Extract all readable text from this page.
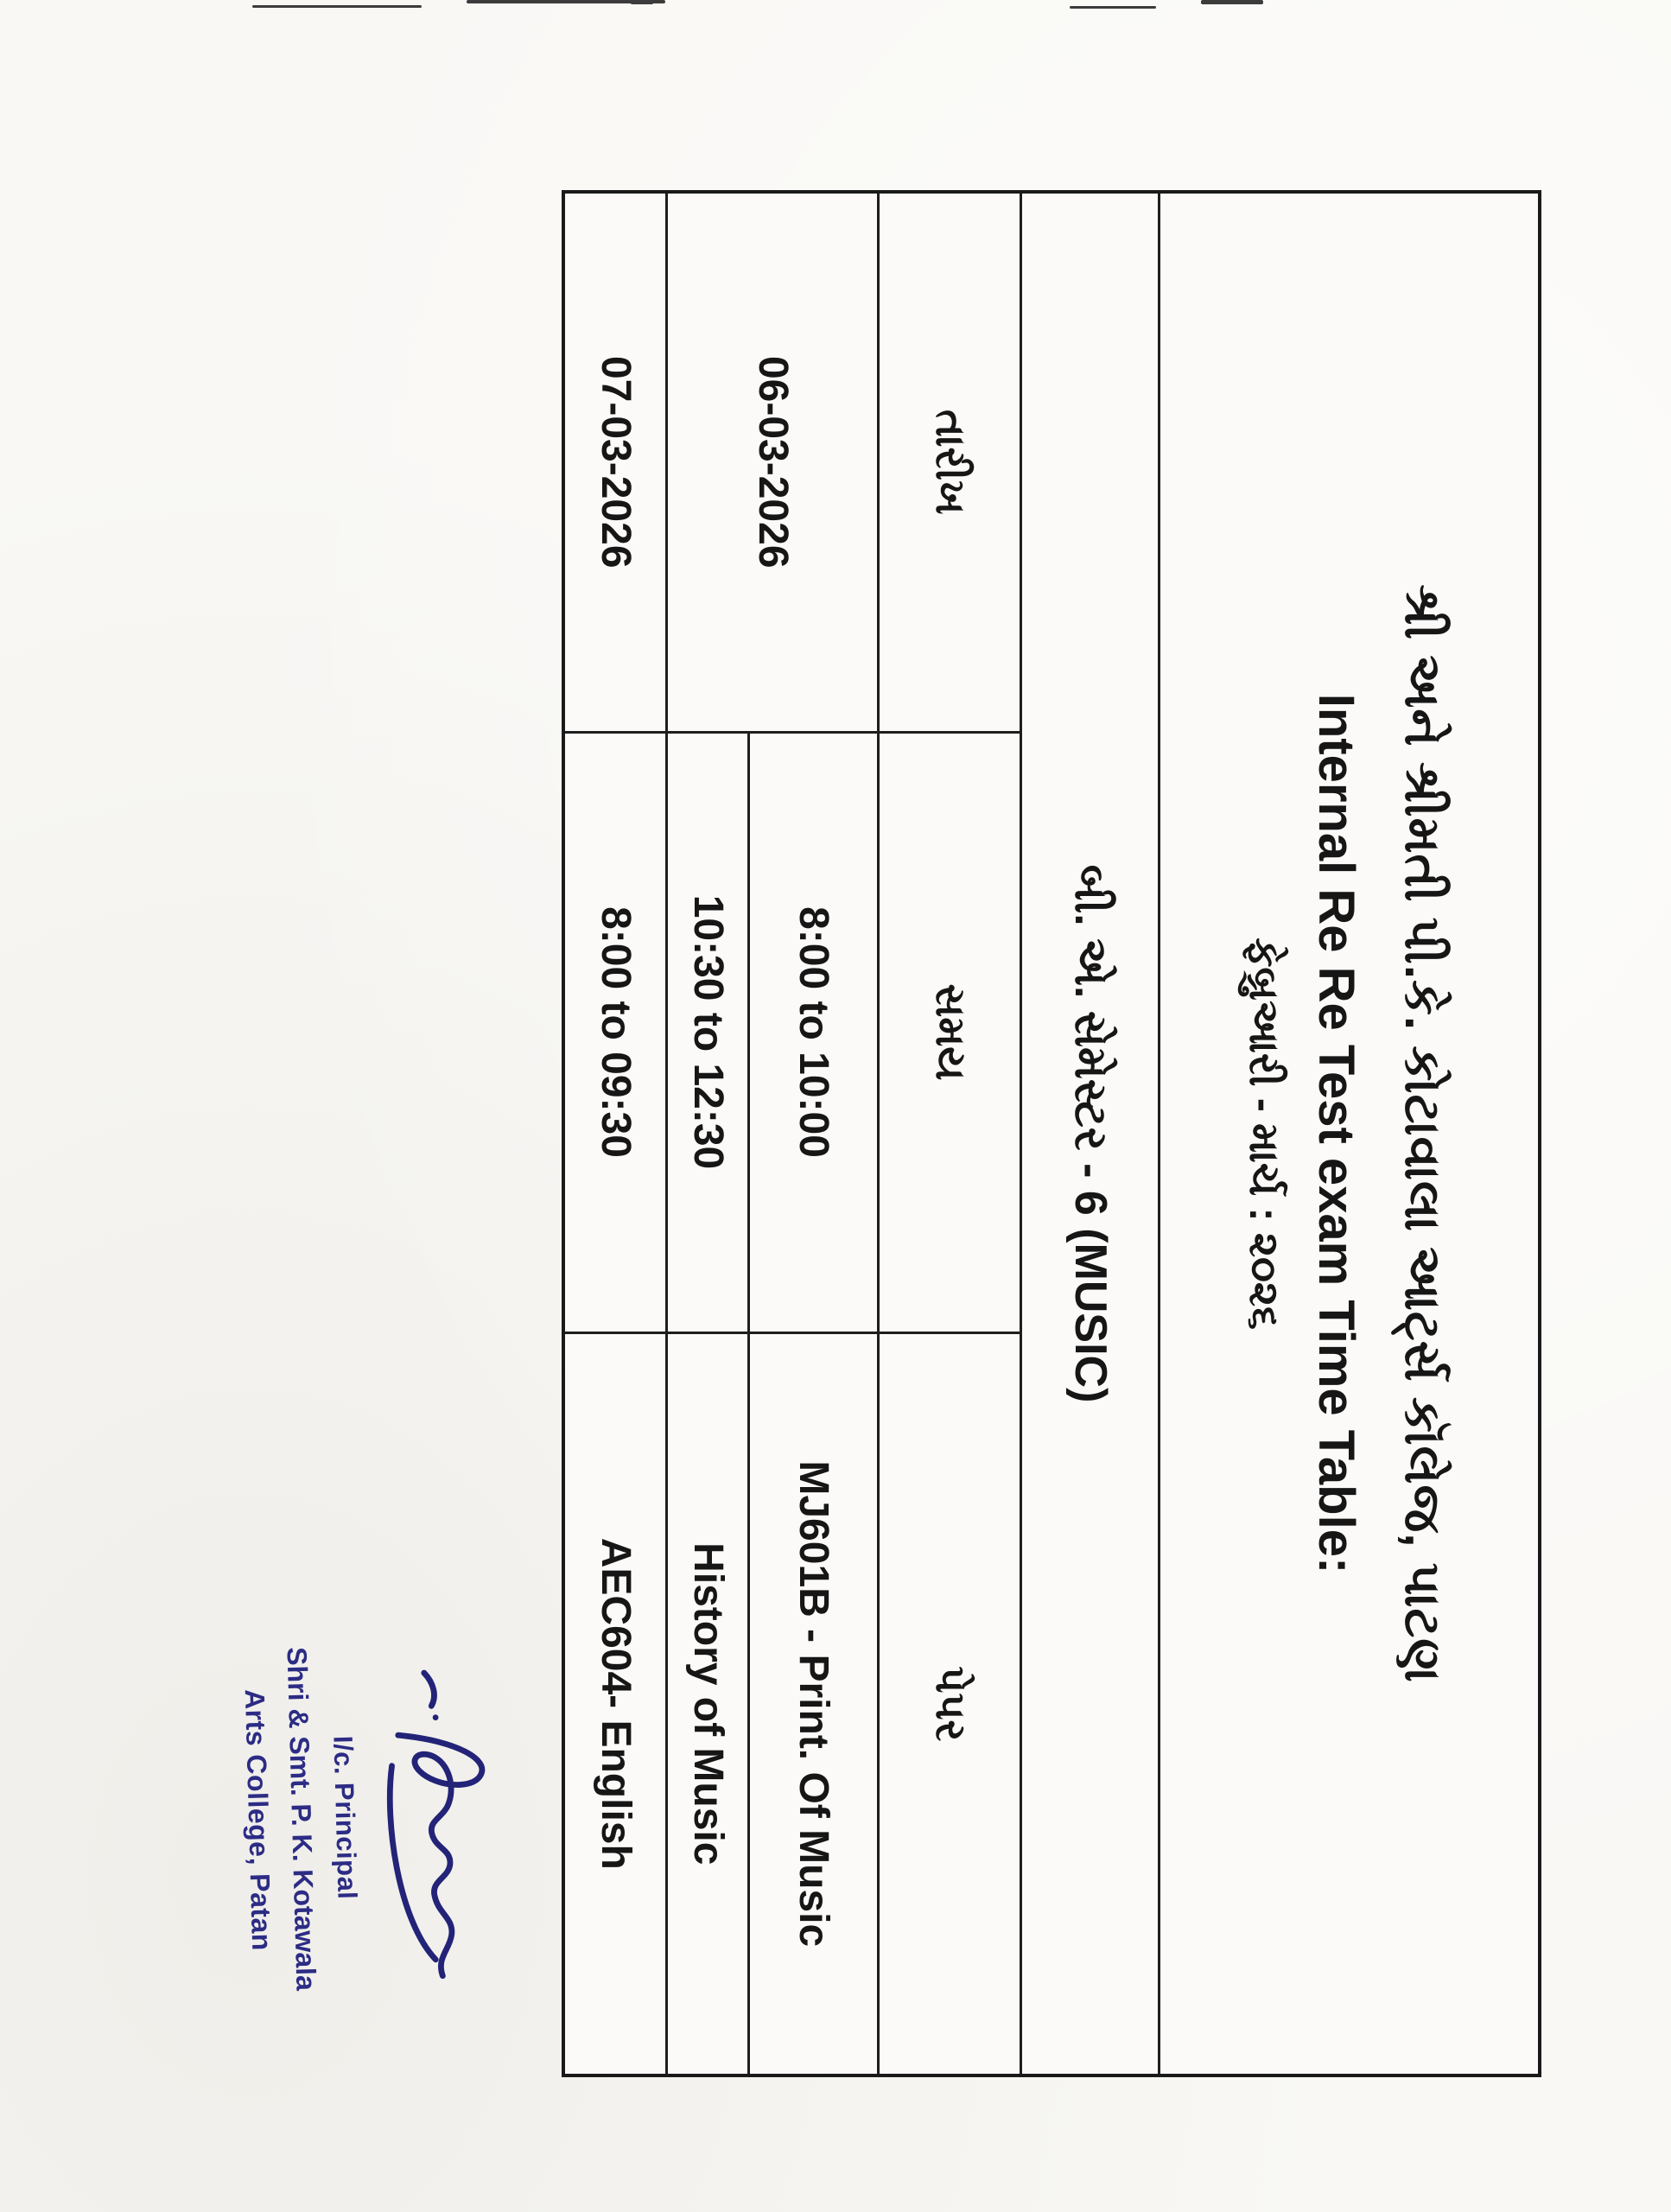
શ્રી અને શ્રીમતી પી.કે. કોટાવાલા આર્ટ્સ કૉલેજ, પાટણ
Internal Re Re Test exam Time Table:
ફેબ્રુઆરી - માર્ચ : ૨૦૨૬		

બી. એ. સેમેસ્ટર - 6 (MUSIC)		
તારીખ	સમય	પેપર
06-03-2026	8:00 to 10:00	MJ601B - Print. Of Music
	10:30 to 12:30	History of Music
07-03-2026	8:00 to 09:30	AEC604- English
I/c. Principal
Shri & Smt. P. K. Kotawala
Arts College, Patan
